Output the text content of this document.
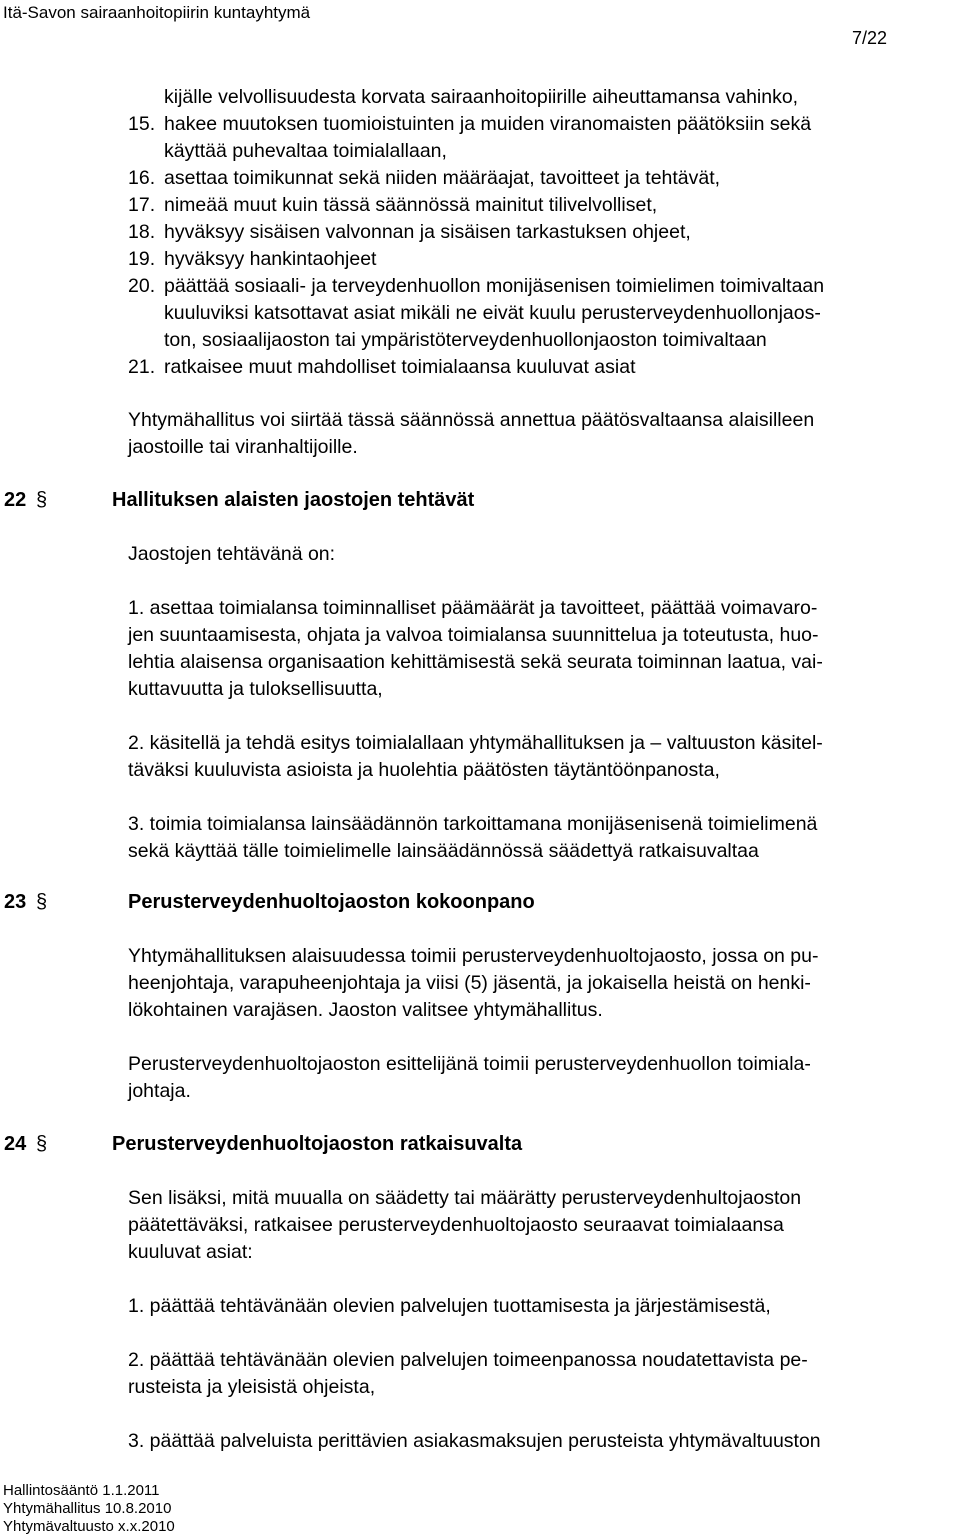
Itä-Savon sairaanhoitopiirin kuntayhtymä
7/22
kijälle velvollisuudesta korvata sairaanhoitopiirille aiheuttamansa vahinko,
15. hakee muutoksen tuomioistuinten ja muiden viranomaisten päätöksiin sekä
käyttää puhevaltaa toimialallaan,
16. asettaa toimikunnat sekä niiden määräajat, tavoitteet ja tehtävät,
17. nimeää muut kuin tässä säännössä mainitut tilivelvolliset,
18. hyväksyy sisäisen valvonnan ja sisäisen tarkastuksen ohjeet,
19. hyväksyy hankintaohjeet
20. päättää sosiaali- ja terveydenhuollon monijäsenisen toimielimen toimivaltaan
kuuluviksi katsottavat asiat mikäli ne eivät kuulu perusterveydenhuollonjaos-
ton, sosiaalijaoston tai ympäristöterveydenhuollonjaoston toimivaltaan
21. ratkaisee muut mahdolliset toimialaansa kuuluvat asiat
Yhtymähallitus voi siirtää tässä säännössä annettua päätösvaltaansa alaisilleen
jaostoille tai viranhaltijoille.
22 §	Hallituksen alaisten jaostojen tehtävät
Jaostojen tehtävänä on:
1. asettaa toimialansa toiminnalliset päämäärät ja tavoitteet, päättää voimavaro-
jen suuntaamisesta, ohjata ja valvoa toimialansa suunnittelua ja toteutusta, huo-
lehtia alaisensa organisaation kehittämisestä sekä seurata toiminnan laatua, vai-
kuttavuutta ja tuloksellisuutta,
2. käsitellä ja tehdä esitys toimialallaan yhtymähallituksen ja – valtuuston käsitel-
täväksi kuuluvista asioista ja huolehtia päätösten täytäntöönpanosta,
3. toimia toimialansa lainsäädännön tarkoittamana monijäsenisenä toimielimenä
sekä käyttää tälle toimielimelle lainsäädännössä säädettyä ratkaisuvaltaa
23 §	Perusterveydenhuoltojaoston kokoonpano
Yhtymähallituksen alaisuudessa toimii perusterveydenhuoltojaosto, jossa on pu-
heenjohtaja, varapuheenjohtaja ja viisi (5) jäsentä, ja jokaisella heistä on henki-
lökohtainen varajäsen. Jaoston valitsee yhtymähallitus.
Perusterveydenhuoltojaoston esittelijänä toimii perusterveydenhuollon toimiala-
johtaja.
24 §	Perusterveydenhuoltojaoston ratkaisuvalta
Sen lisäksi, mitä muualla on säädetty tai määrätty perusterveydenhultojaoston
päätettäväksi, ratkaisee perusterveydenhuoltojaosto seuraavat toimialaansa
kuuluvat asiat:
1. päättää tehtävänään olevien palvelujen tuottamisesta ja järjestämisestä,
2. päättää tehtävänään olevien palvelujen toimeenpanossa noudatettavista pe-
rusteista ja yleisistä ohjeista,
3. päättää palveluista perittävien asiakasmaksujen perusteista yhtymävaltuuston
Hallintosääntö 1.1.2011
Yhtymähallitus 10.8.2010
Yhtymävaltuusto x.x.2010
